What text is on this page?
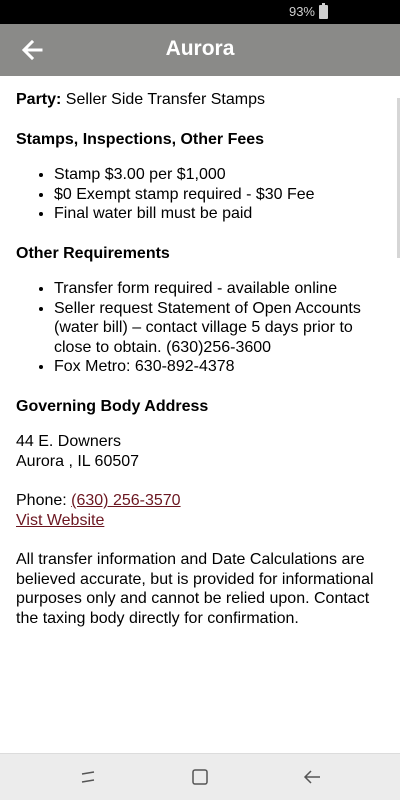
93%
Aurora

Party: Seller Side Transfer Stamps

Stamps, Inspections, Other Fees

• Stamp $3.00 per $1,000
• $0 Exempt stamp required - $30 Fee
• Final water bill must be paid

Other Requirements

• Transfer form required - available online
• Seller request Statement of Open Accounts (water bill) – contact village 5 days prior to close to obtain. (630)256-3600
• Fox Metro: 630-892-4378

Governing Body Address

44 E. Downers
Aurora , IL 60507
Phone: (630) 256-3570
Vist Website

All transfer information and Date Calculations are believed accurate, but is provided for informational purposes only and cannot be relied upon. Contact the taxing body directly for confirmation.
